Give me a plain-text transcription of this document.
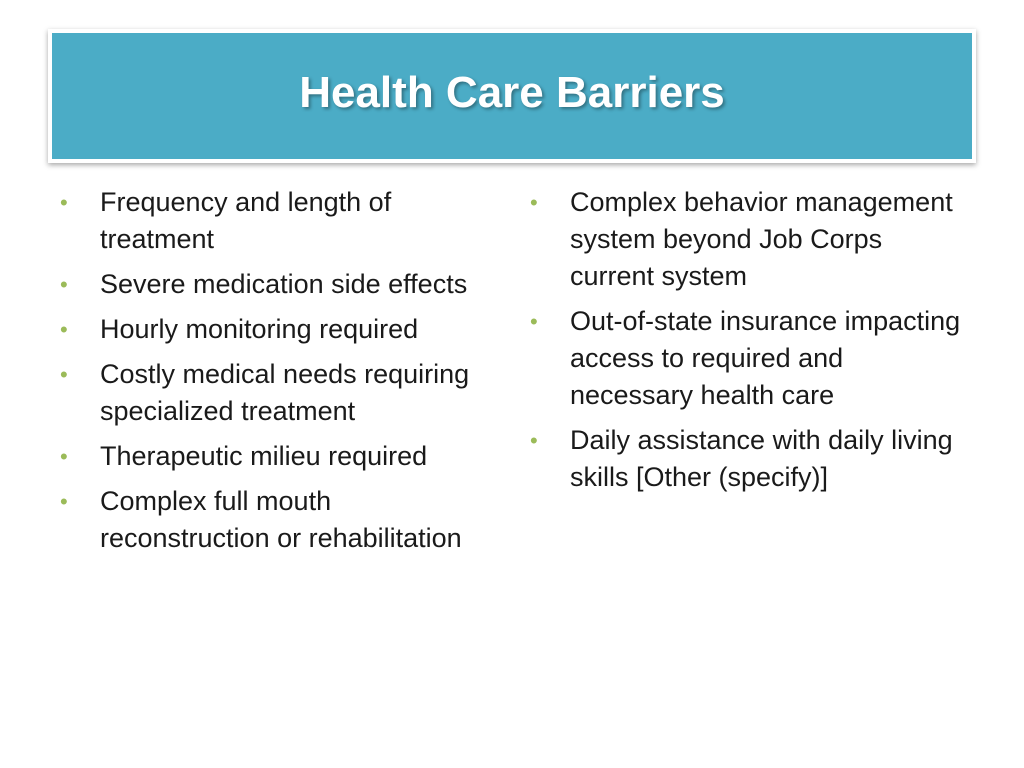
Health Care Barriers
• Frequency and length of treatment
• Severe medication side effects
• Hourly monitoring required
• Costly medical needs requiring specialized treatment
• Therapeutic milieu required
• Complex full mouth reconstruction or rehabilitation
• Complex behavior management system beyond Job Corps current system
• Out-of-state insurance impacting access to required and necessary health care
• Daily assistance with daily living skills [Other (specify)]
